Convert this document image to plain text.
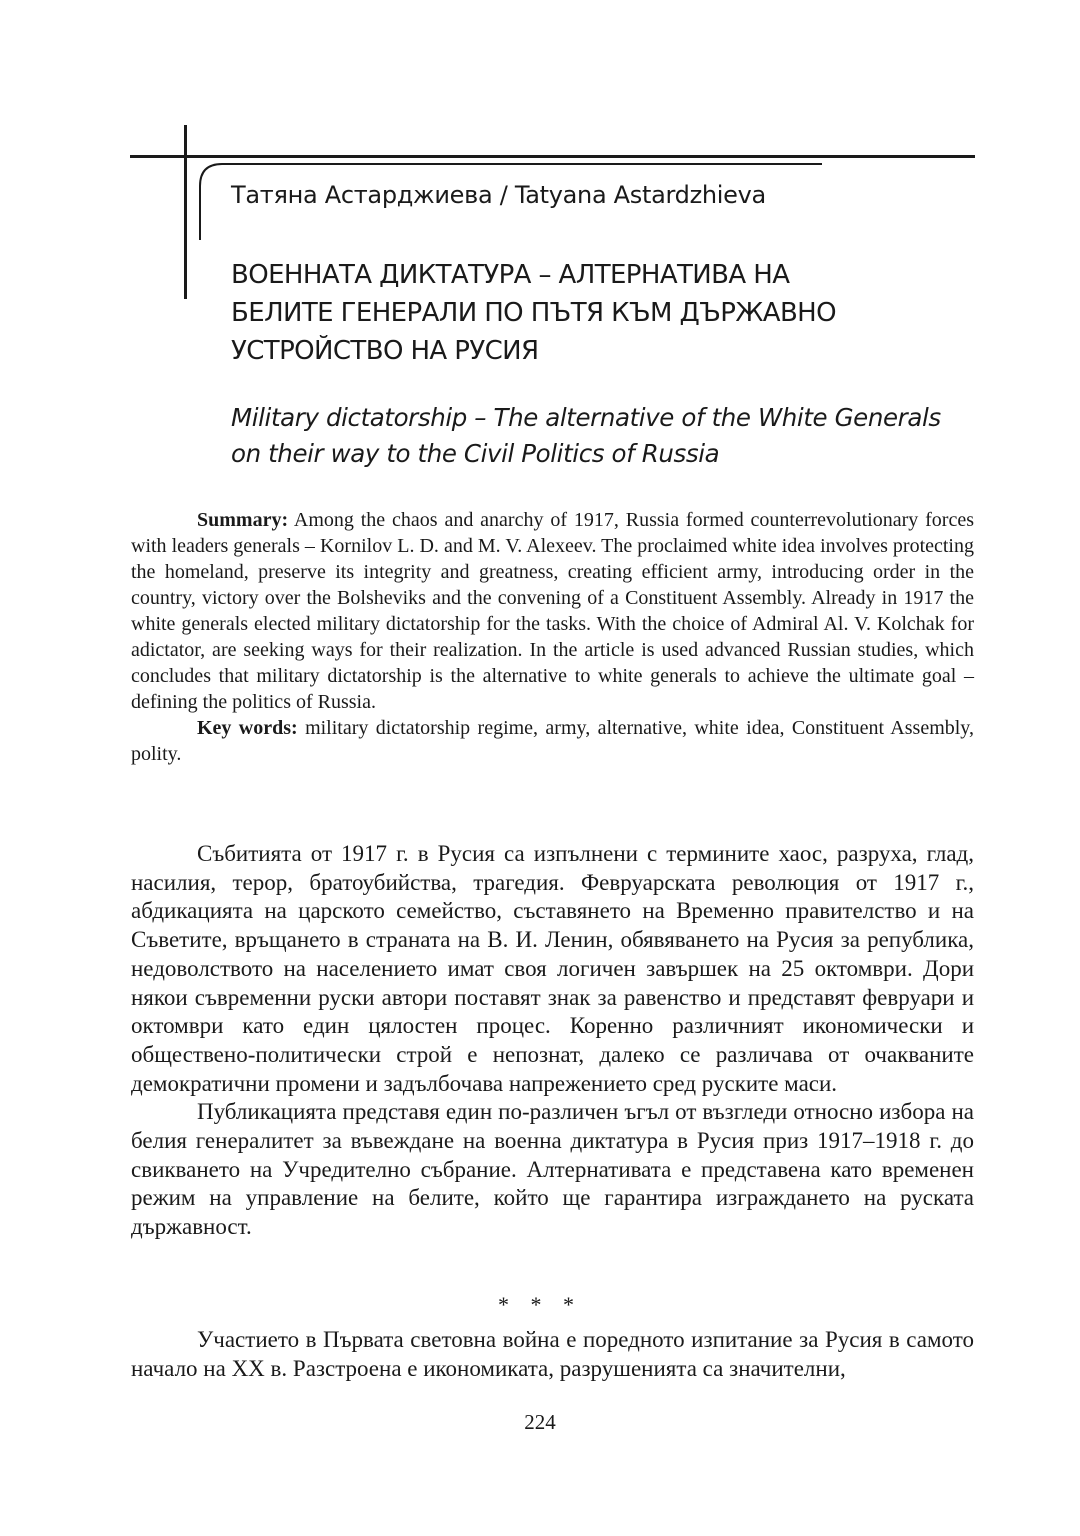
Татяна Астарджиева / Tatyana Astardzhieva
ВОЕННАТА ДИКТАТУРА – АЛТЕРНАТИВА НА
БЕЛИТЕ ГЕНЕРАЛИ ПО ПЪТЯ КЪМ ДЪРЖАВНО
УСТРОЙСТВО НА РУСИЯ
Military dictatorship – The alternative of the White Generals
on their way to the Civil Politics of Russia

Summary: Among the chaos and anarchy of 1917, Russia formed counterrevolutionary forces with leaders generals – Kornilov L. D. and M. V. Alexeev. The proclaimed white idea involves protecting the homeland, preserve its integrity and greatness, creating efficient army, introducing order in the country, victory over the Bolsheviks and the convening of a Constituent Assembly. Already in 1917 the white generals elected military dictatorship for the tasks. With the choice of Admiral Al. V. Kolchak for adictator, are seeking ways for their realization. In the article is used advanced Russian studies, which concludes that military dictatorship is the alternative to white generals to achieve the ultimate goal – defining the politics of Russia.

Key words: military dictatorship regime, army, alternative, white idea, Constituent Assembly, polity.

Събитията от 1917 г. в Русия са изпълнени с термините хаос, разруха, глад, насилия, терор, братоубийства, трагедия. Февруарската революция от 1917 г., абдикацията на царското семейство, съставянето на Временно правителство и на Съветите, връщането в страната на В. И. Ленин, обявяването на Русия за република, недоволството на населението имат своя логичен завършек на 25 октомври. Дори някои съвременни руски автори поставят знак за равенство и представят февруари и октомври като един цялостен процес. Коренно различният икономически и обществено-политически строй е непознат, далеко се различава от очакваните демократични промени и задълбочава напрежението сред руските маси.

Публикацията представя един по-различен ъгъл от възгледи относно избора на белия генералитет за въвеждане на военна диктатура в Русия приз 1917–1918 г. до свикването на Учредително събрание. Алтернативата е представена като временен режим на управление на белите, който ще гарантира изграждането на руската държавност.

* * *

Участието в Първата световна война е поредното изпитание за Русия в самото начало на ХХ в. Разстроена е икономиката, разрушенията са значителни,

224
